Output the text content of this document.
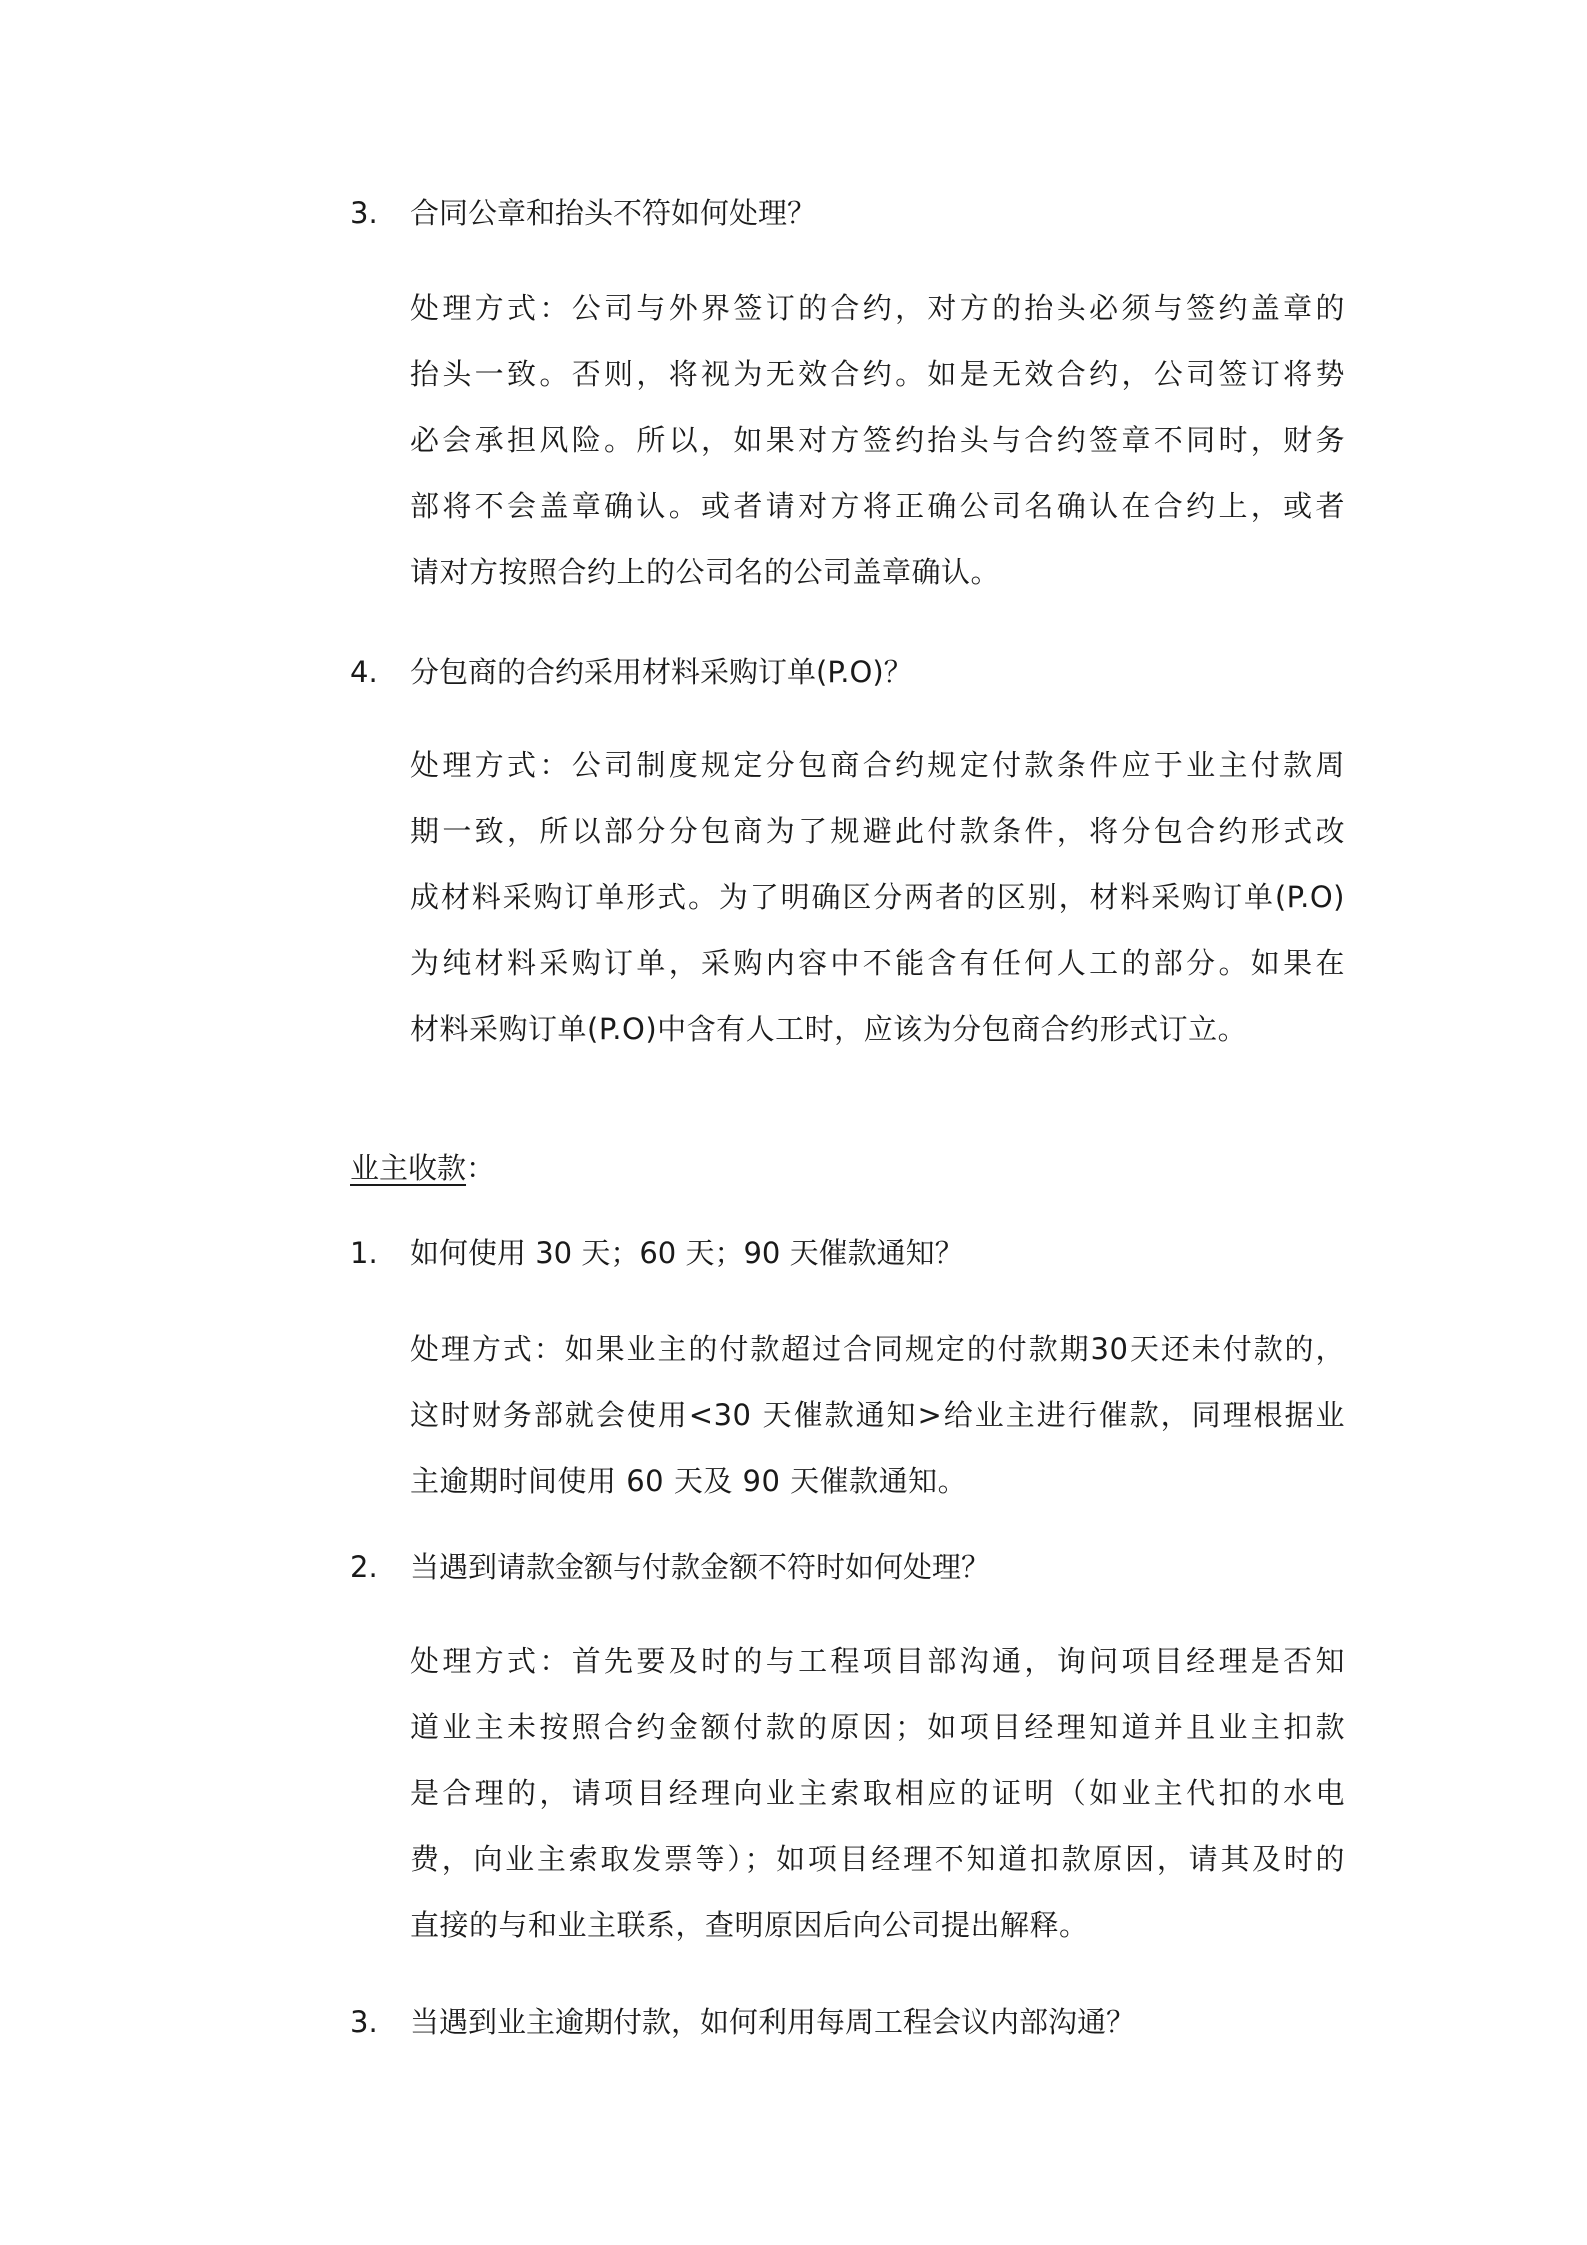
3. 合同公章和抬头不符如何处理？
处理方式：公司与外界签订的合约，对方的抬头必须与签约盖章的
抬头一致。否则，将视为无效合约。如是无效合约，公司签订将势
必会承担风险。所以，如果对方签约抬头与合约签章不同时，财务
部将不会盖章确认。或者请对方将正确公司名确认在合约上，或者
请对方按照合约上的公司名的公司盖章确认。
4. 分包商的合约采用材料采购订单(P.O)？
处理方式：公司制度规定分包商合约规定付款条件应于业主付款周
期一致，所以部分分包商为了规避此付款条件，将分包合约形式改
成材料采购订单形式。为了明确区分两者的区别，材料采购订单(P.O)
为纯材料采购订单，采购内容中不能含有任何人工的部分。如果在
材料采购订单(P.O)中含有人工时，应该为分包商合约形式订立。
业主收款：
1. 如何使用 30 天；60 天；90 天催款通知？
处理方式：如果业主的付款超过合同规定的付款期30天还未付款的，
这时财务部就会使用<30 天催款通知>给业主进行催款，同理根据业
主逾期时间使用 60 天及 90 天催款通知。
2. 当遇到请款金额与付款金额不符时如何处理？
处理方式：首先要及时的与工程项目部沟通，询问项目经理是否知
道业主未按照合约金额付款的原因；如项目经理知道并且业主扣款
是合理的，请项目经理向业主索取相应的证明（如业主代扣的水电
费，向业主索取发票等）；如项目经理不知道扣款原因，请其及时的
直接的与和业主联系，查明原因后向公司提出解释。
3. 当遇到业主逾期付款，如何利用每周工程会议内部沟通？
